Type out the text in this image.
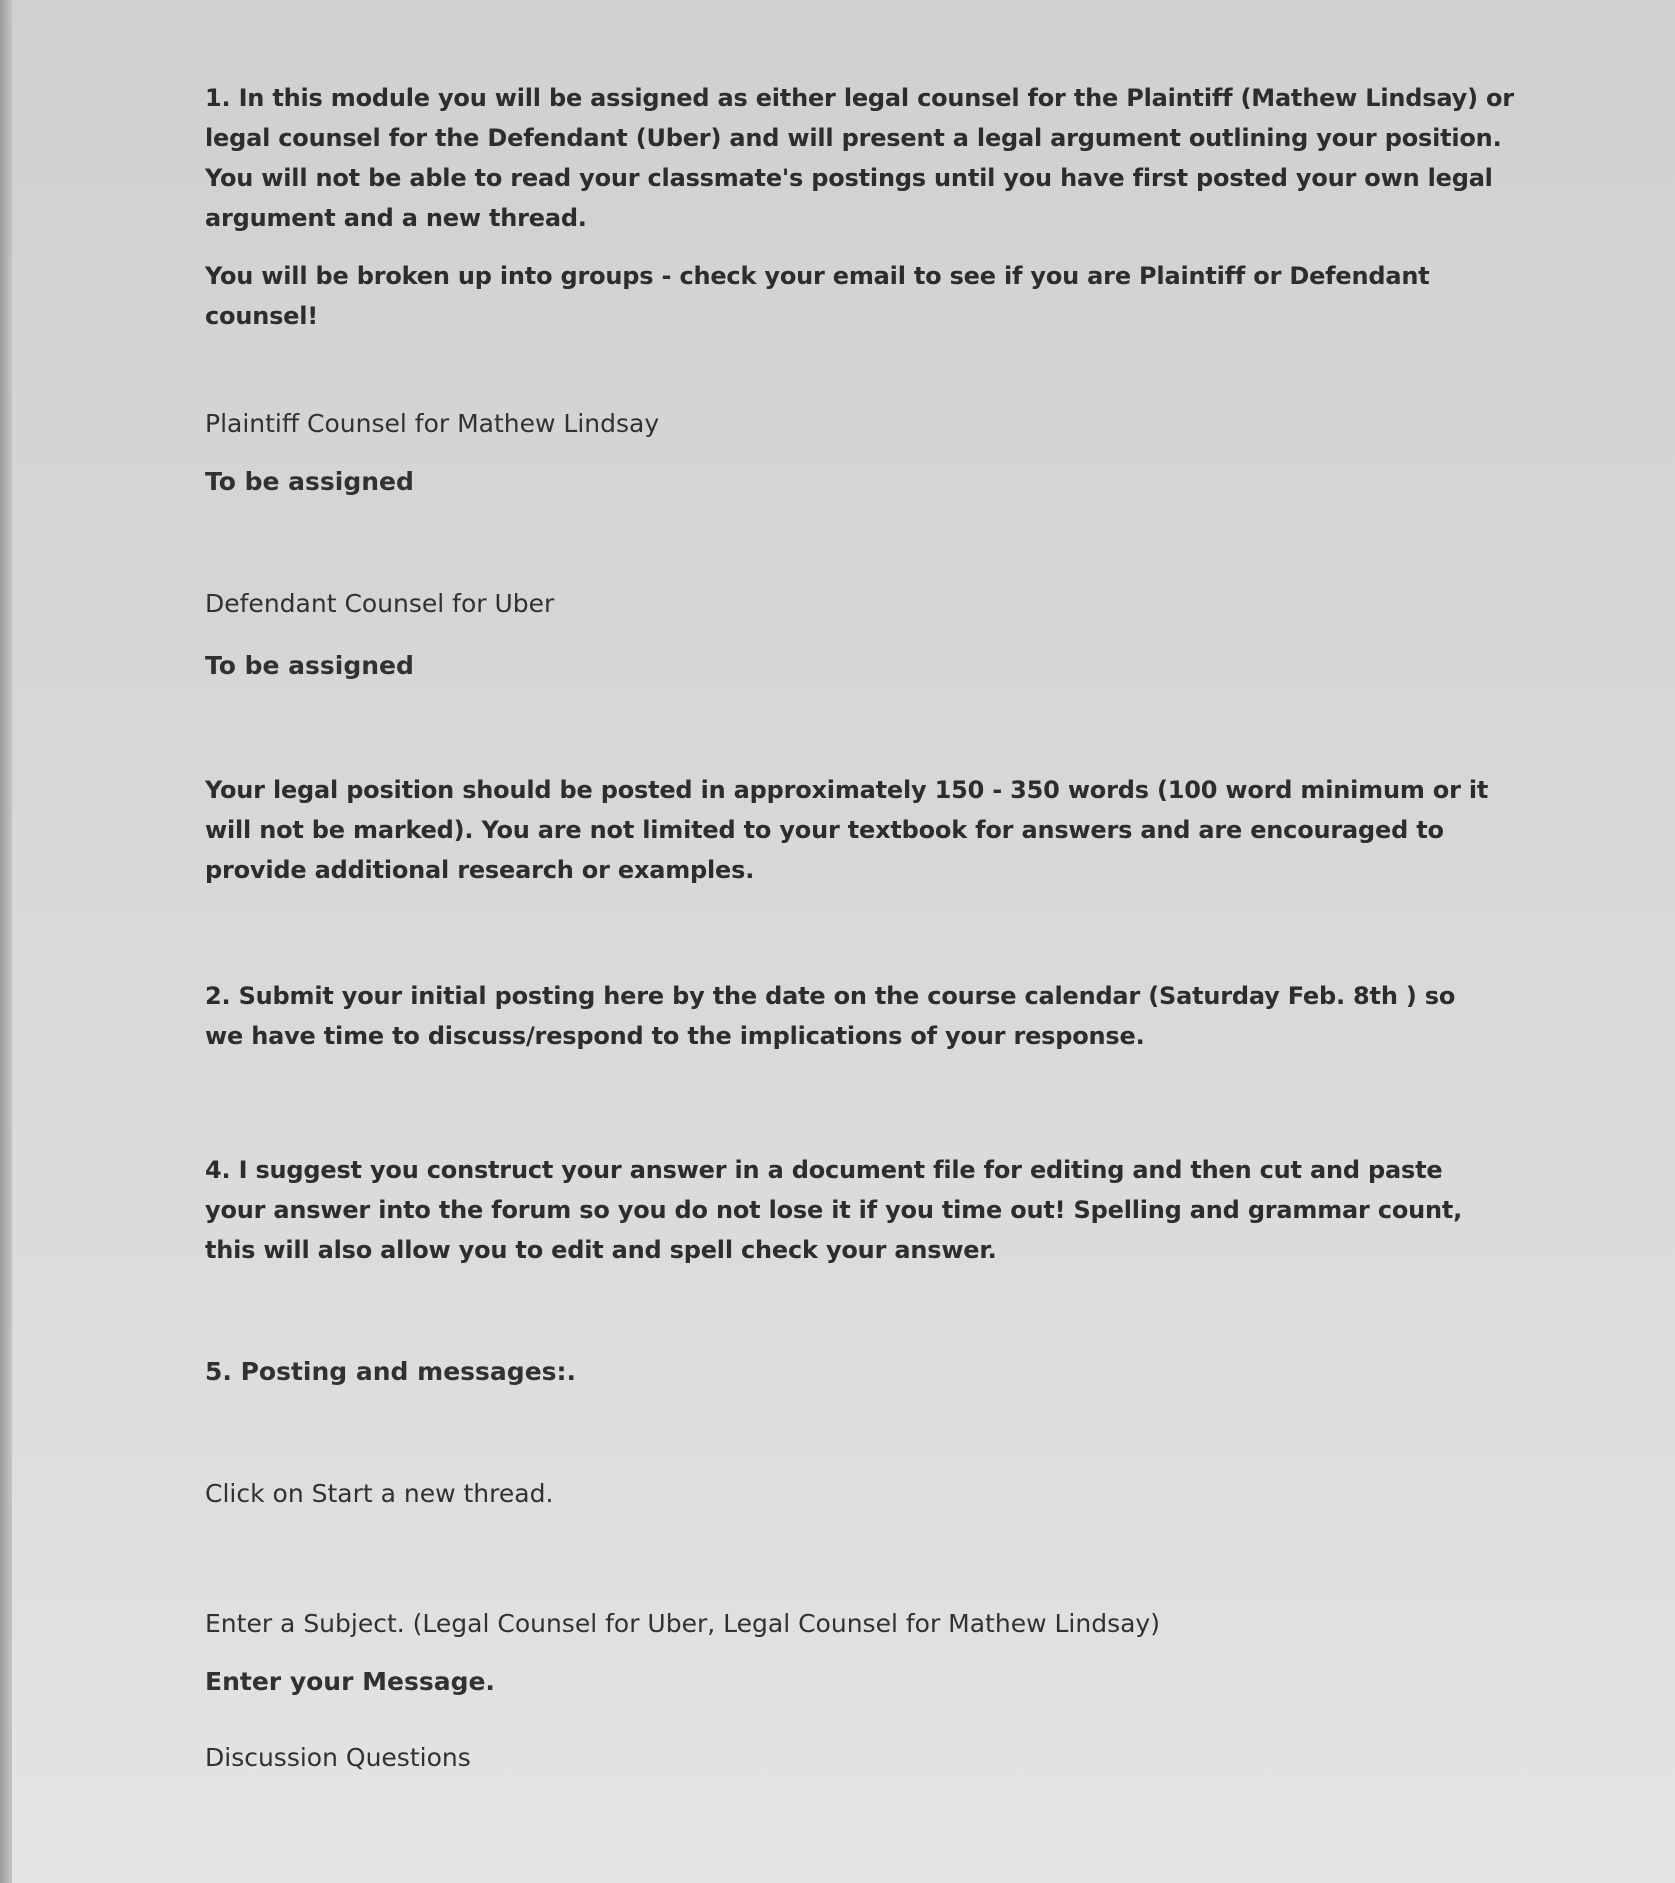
1. In this module you will be assigned as either legal counsel for the Plaintiff (Mathew Lindsay) or legal counsel for the Defendant (Uber) and will present a legal argument outlining your position. You will not be able to read your classmate's postings until you have first posted your own legal argument and a new thread.

You will be broken up into groups - check your email to see if you are Plaintiff or Defendant counsel!

Plaintiff Counsel for Mathew Lindsay

To be assigned

Defendant Counsel for Uber

To be assigned

Your legal position should be posted in approximately 150 - 350 words (100 word minimum or it will not be marked). You are not limited to your textbook for answers and are encouraged to provide additional research or examples.

2. Submit your initial posting here by the date on the course calendar (Saturday Feb. 8th ) so we have time to discuss/respond to the implications of your response.

4. I suggest you construct your answer in a document file for editing and then cut and paste your answer into the forum so you do not lose it if you time out! Spelling and grammar count, this will also allow you to edit and spell check your answer.

5. Posting and messages:.

Click on Start a new thread.

Enter a Subject. (Legal Counsel for Uber, Legal Counsel for Mathew Lindsay)

Enter your Message.

Discussion Questions
